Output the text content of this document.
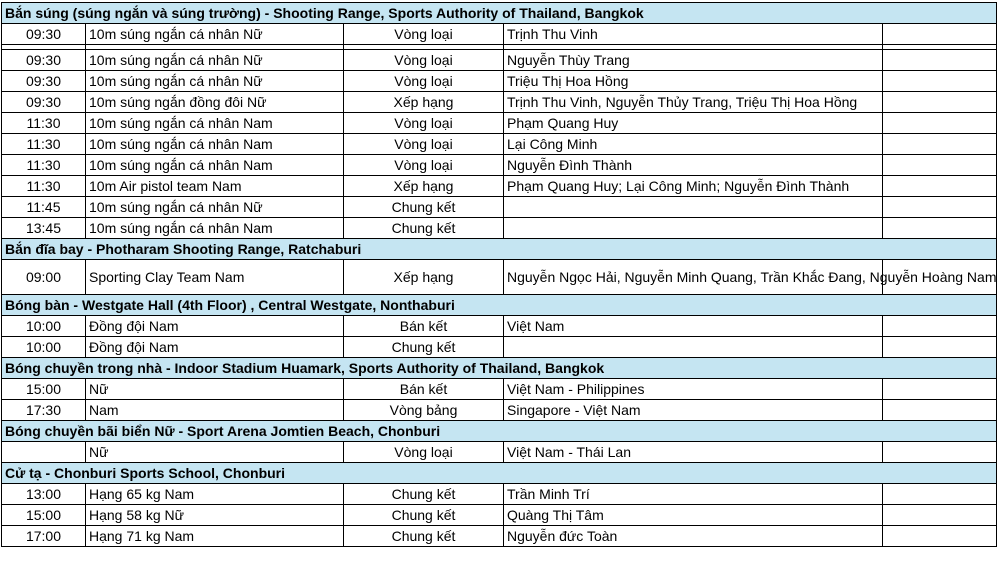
Bắn súng (súng ngắn và súng trường) - Shooting Range, Sports Authority of Thailand, Bangkok				
09:30	10m súng ngắn cá nhân Nữ	Vòng loại	Trịnh Thu Vinh	

09:30	10m súng ngắn cá nhân Nữ	Vòng loại	Nguyễn Thùy Trang	
09:30	10m súng ngắn cá nhân Nữ	Vòng loại	Triệu Thị Hoa Hồng	
09:30	10m súng ngắn đồng đôi Nữ	Xếp hạng	Trịnh Thu Vinh, Nguyễn Thủy Trang, Triệu Thị Hoa Hồng	
11:30	10m súng ngắn cá nhân Nam	Vòng loại	Phạm Quang Huy	
11:30	10m súng ngắn cá nhân Nam	Vòng loại	Lại Công Minh	
11:30	10m súng ngắn cá nhân Nam	Vòng loại	Nguyễn Đình Thành	
11:30	10m Air pistol team Nam	Xếp hạng	Phạm Quang Huy; Lại Công Minh; Nguyễn Đình Thành	
11:45	10m súng ngắn cá nhân Nữ	Chung kết		
13:45	10m súng ngắn cá nhân Nam	Chung kết		
Bắn đĩa bay - Photharam Shooting Range, Ratchaburi				
09:00	Sporting Clay Team Nam	Xếp hạng	Nguyễn Ngọc Hải, Nguyễn Minh Quang, Trần Khắc Đang, Nguyễn Hoàng Nam	
Bóng bàn - Westgate Hall (4th Floor) , Central Westgate, Nonthaburi				
10:00	Đồng đội Nam	Bán kết	Việt Nam	
10:00	Đồng đội Nam	Chung kết		
Bóng chuyền trong nhà - Indoor Stadium Huamark, Sports Authority of Thailand, Bangkok				
15:00	Nữ	Bán kết	Việt Nam - Philippines	
17:30	Nam	Vòng bảng	Singapore - Việt Nam	
Bóng chuyền bãi biển Nữ - Sport Arena Jomtien Beach, Chonburi				
	Nữ	Vòng loại	Việt Nam - Thái Lan	
Cử tạ - Chonburi Sports School, Chonburi				
13:00	Hạng 65 kg Nam	Chung kết	Trần Minh Trí	
15:00	Hạng 58 kg Nữ	Chung kết	Quàng Thị Tâm	
17:00	Hạng 71 kg Nam	Chung kết	Nguyễn đức Toàn	
